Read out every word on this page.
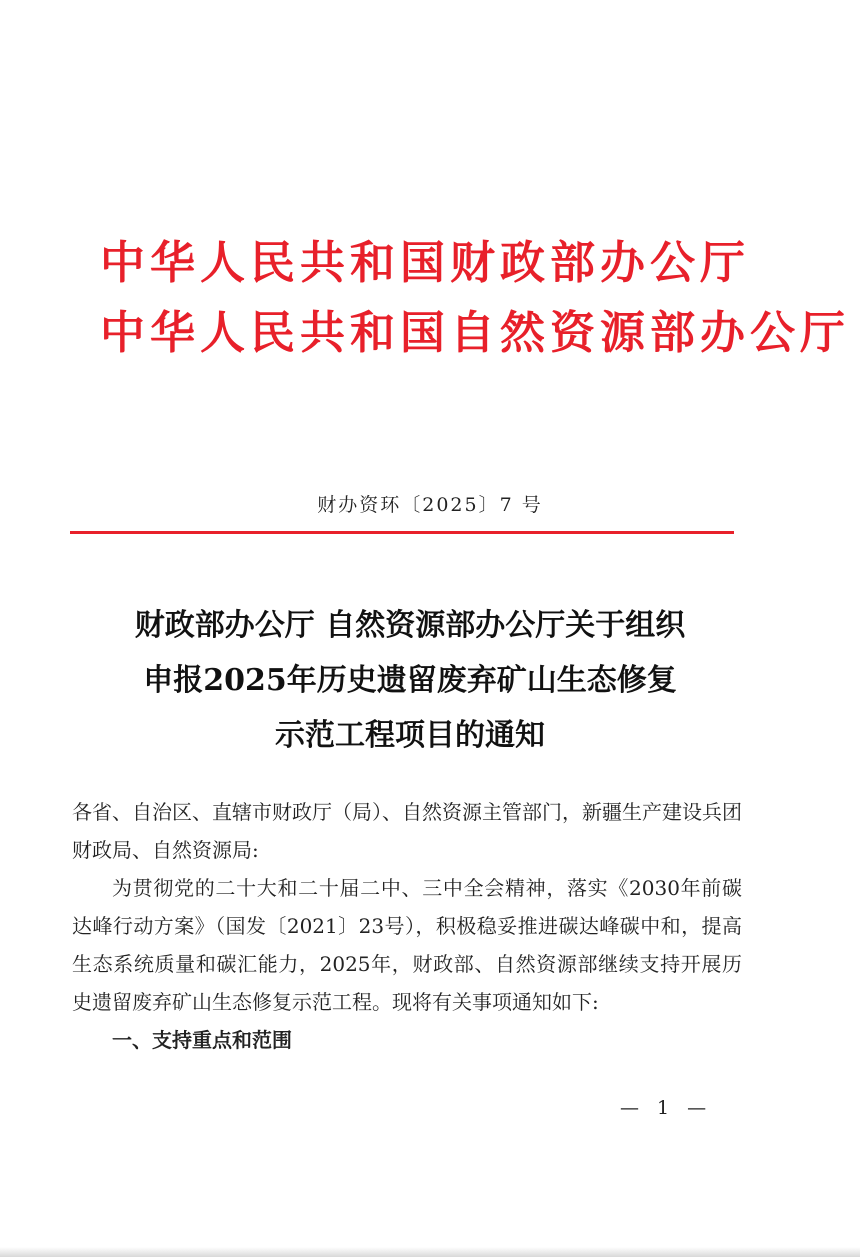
中华人民共和国财政部办公厅
中华人民共和国自然资源部办公厅
财办资环〔2025〕7 号
财政部办公厅 自然资源部办公厅关于组织
申报2025年历史遗留废弃矿山生态修复
示范工程项目的通知

各省、自治区、直辖市财政厅（局）、自然资源主管部门，新疆生产建设兵团财政局、自然资源局:

为贯彻党的二十大和二十届二中、三中全会精神，落实《2030年前碳达峰行动方案》（国发〔2021〕23号），积极稳妥推进碳达峰碳中和，提高生态系统质量和碳汇能力，2025年，财政部、自然资源部继续支持开展历史遗留废弃矿山生态修复示范工程。现将有关事项通知如下:

一、支持重点和范围

— 1 —
